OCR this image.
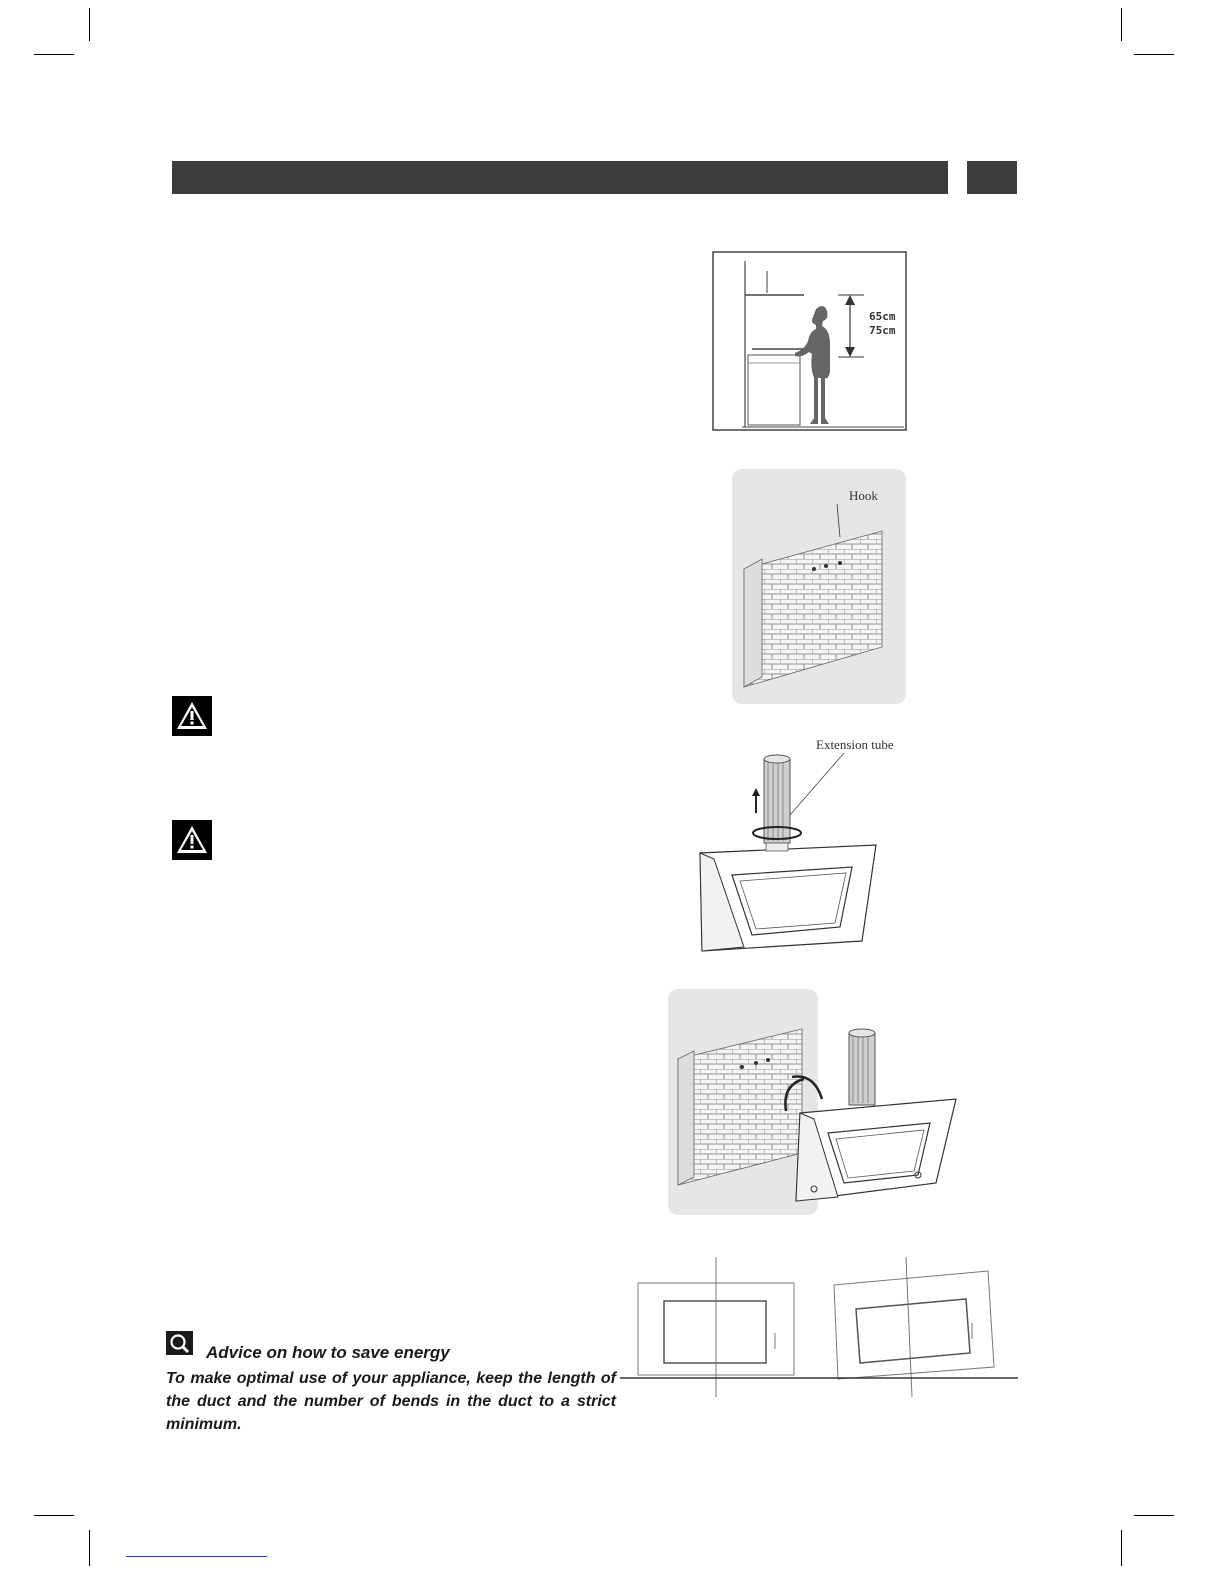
65cm
75cm
Hook
Extension tube
Advice on how to save energy
To make optimal use of your appliance, keep the length of the duct and the number of bends in the duct to a strict minimum.
